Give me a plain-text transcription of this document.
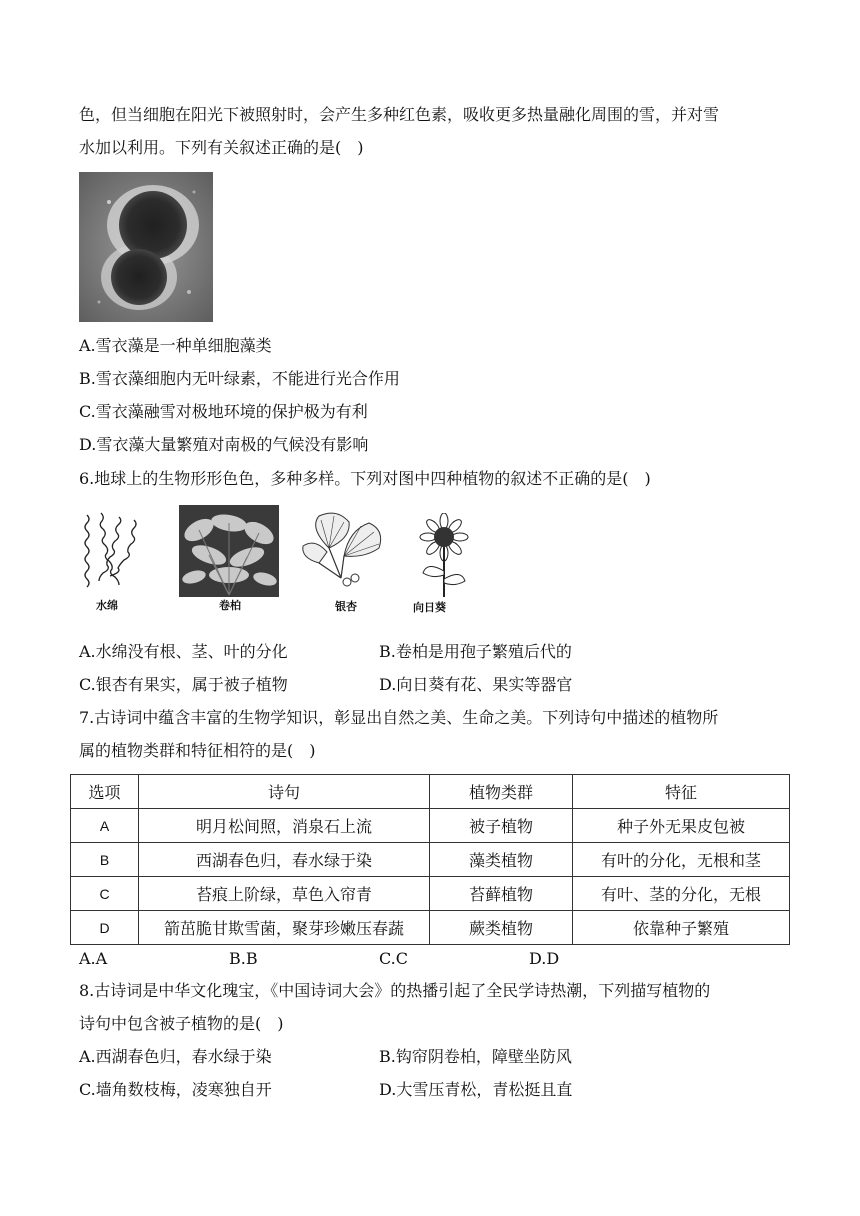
色，但当细胞在阳光下被照射时，会产生多种红色素，吸收更多热量融化周围的雪，并对雪
水加以利用。下列有关叙述正确的是(　)
A.雪衣藻是一种单细胞藻类
B.雪衣藻细胞内无叶绿素，不能进行光合作用
C.雪衣藻融雪对极地环境的保护极为有利
D.雪衣藻大量繁殖对南极的气候没有影响
6.地球上的生物形形色色，多种多样。下列对图中四种植物的叙述不正确的是(　)
水绵	卷柏	银杏	向日葵
A.水绵没有根、茎、叶的分化	B.卷柏是用孢子繁殖后代的
C.银杏有果实，属于被子植物	D.向日葵有花、果实等器官
7.古诗词中蕴含丰富的生物学知识，彰显出自然之美、生命之美。下列诗句中描述的植物所
属的植物类群和特征相符的是(　)
选项	诗句	植物类群	特征
A	明月松间照，消泉石上流	被子植物	种子外无果皮包被
B	西湖春色归，春水绿于染	藻类植物	有叶的分化，无根和茎
C	苔痕上阶绿，草色入帘青	苔藓植物	有叶、茎的分化，无根
D	箭茁脆甘欺雪菌，聚芽珍嫩压春蔬	蕨类植物	依靠种子繁殖
A.A	B.B	C.C	D.D
8.古诗词是中华文化瑰宝，《中国诗词大会》的热播引起了全民学诗热潮，下列描写植物的
诗句中包含被子植物的是(　)
A.西湖春色归，春水绿于染	B.钩帘阴卷柏，障壁坐防风
C.墙角数枝梅，凌寒独自开	D.大雪压青松，青松挺且直
